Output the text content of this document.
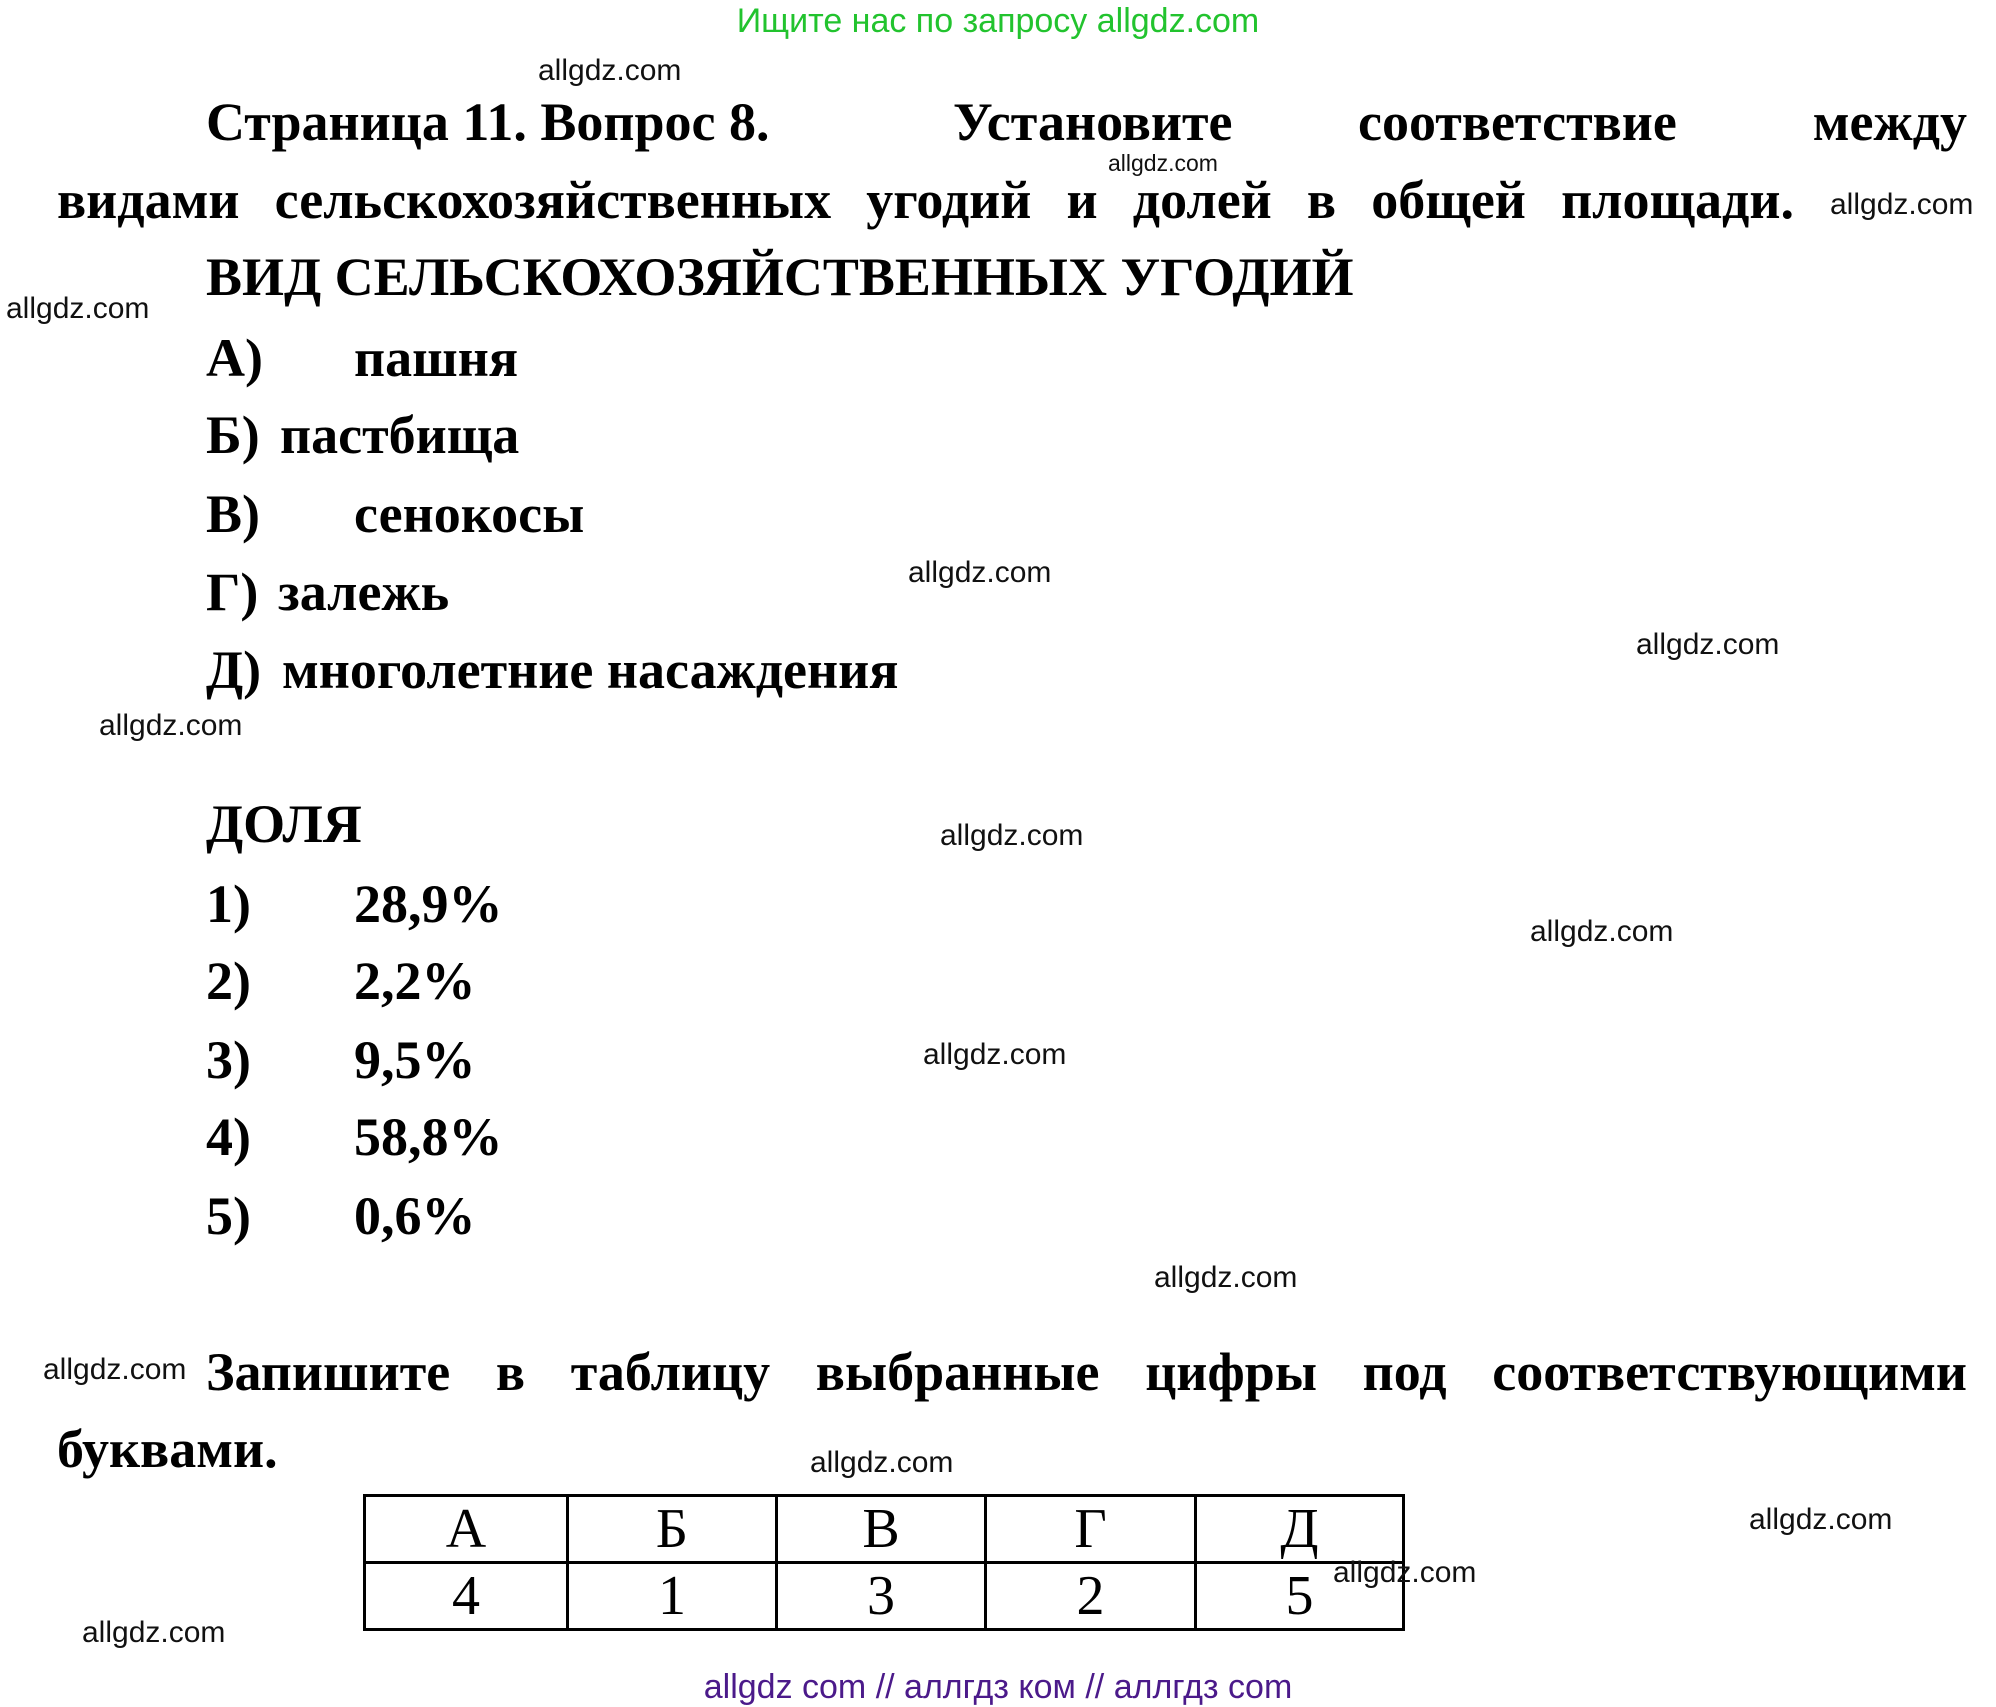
Ищите нас по запросу allgdz.com
Страница 11. Вопрос 8.	Установите соответствие	между
видами сельскохозяйственных угодий и долей в общей площади.
ВИД СЕЛЬСКОХОЗЯЙСТВЕННЫХ УГОДИЙ
А) пашня
Б) пастбища
В) сенокосы
Г) залежь
Д) многолетние насаждения
ДОЛЯ
1) 28,9%
2) 2,2%
3) 9,5%
4) 58,8%
5) 0,6%
Запишите в таблицу выбранные цифры под соответствующими
буквами.
А	Б	В	Г	Д
4	1	3	2	5
allgdz.com
allgdz.com
allgdz.com
allgdz.com
allgdz.com
allgdz.com
allgdz.com
allgdz.com
allgdz.com
allgdz.com
allgdz.com
allgdz.com
allgdz.com
allgdz.com
allgdz.com
allgdz.com
allgdz com // аллгдз ком // аллгдз com
